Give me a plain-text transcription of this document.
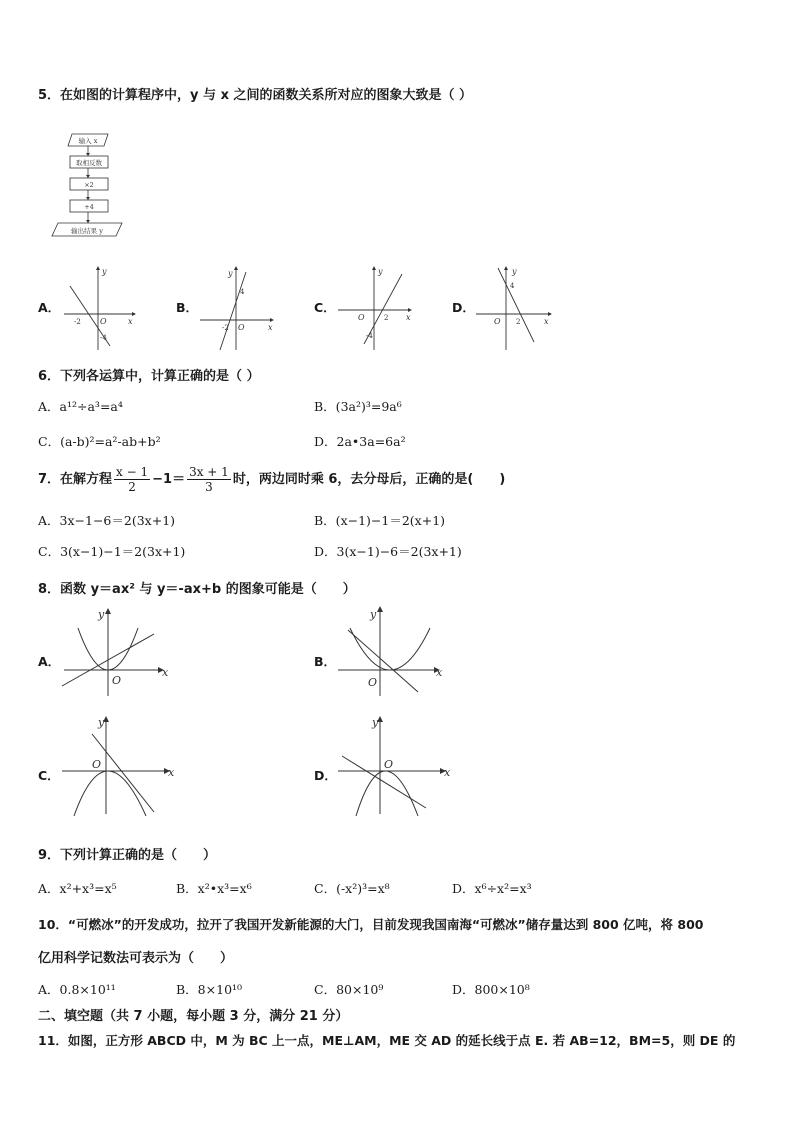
5．在如图的计算程序中，y 与 x 之间的函数关系所对应的图象大致是（ ）
输入 x
取相反数
×2
+4
输出结果 y
A．	B．	C．	D．
y
x
O
-2
-4
y
x
O
4
-2
y
x
O	2
-4
y
x
O
4
2
6．下列各运算中，计算正确的是（ ）
A．a¹²÷a³=a⁴	B．(3a²)³=9a⁶
C．(a-b)²=a²-ab+b²	D．2a•3a=6a²
7．在解方程 $\frac{x - 1}{2} -1= \frac{3x + 1}{3}$ 时，两边同时乘 6，去分母后，正确的是(　　)
A．3x−1−6＝2(3x+1)	B．(x−1)−1＝2(x+1)
C．3(x−1)−1＝2(3x+1)	D．3(x−1)−6＝2(3x+1)
8．函数 y＝ax² 与 y＝-ax+b 的图象可能是（　　）
A．	B．
C．	D．
y
x
O
y
x
O
y
x
O
y
x
O
9．下列计算正确的是（　　）
A．x²+x³=x⁵	B．x²•x³=x⁶	C．(-x²)³=x⁸	D．x⁶÷x²=x³
10．“可燃冰”的开发成功，拉开了我国开发新能源的大门，目前发现我国南海“可燃冰”储存量达到 800 亿吨，将 800
亿用科学记数法可表示为（　　）
A．0.8×10¹¹	B．8×10¹⁰	C．80×10⁹	D．800×10⁸
二、填空题（共 7 小题，每小题 3 分，满分 21 分）
11．如图，正方形 ABCD 中，M 为 BC 上一点，ME⊥AM，ME 交 AD 的延长线于点 E. 若 AB=12，BM=5，则 DE 的
